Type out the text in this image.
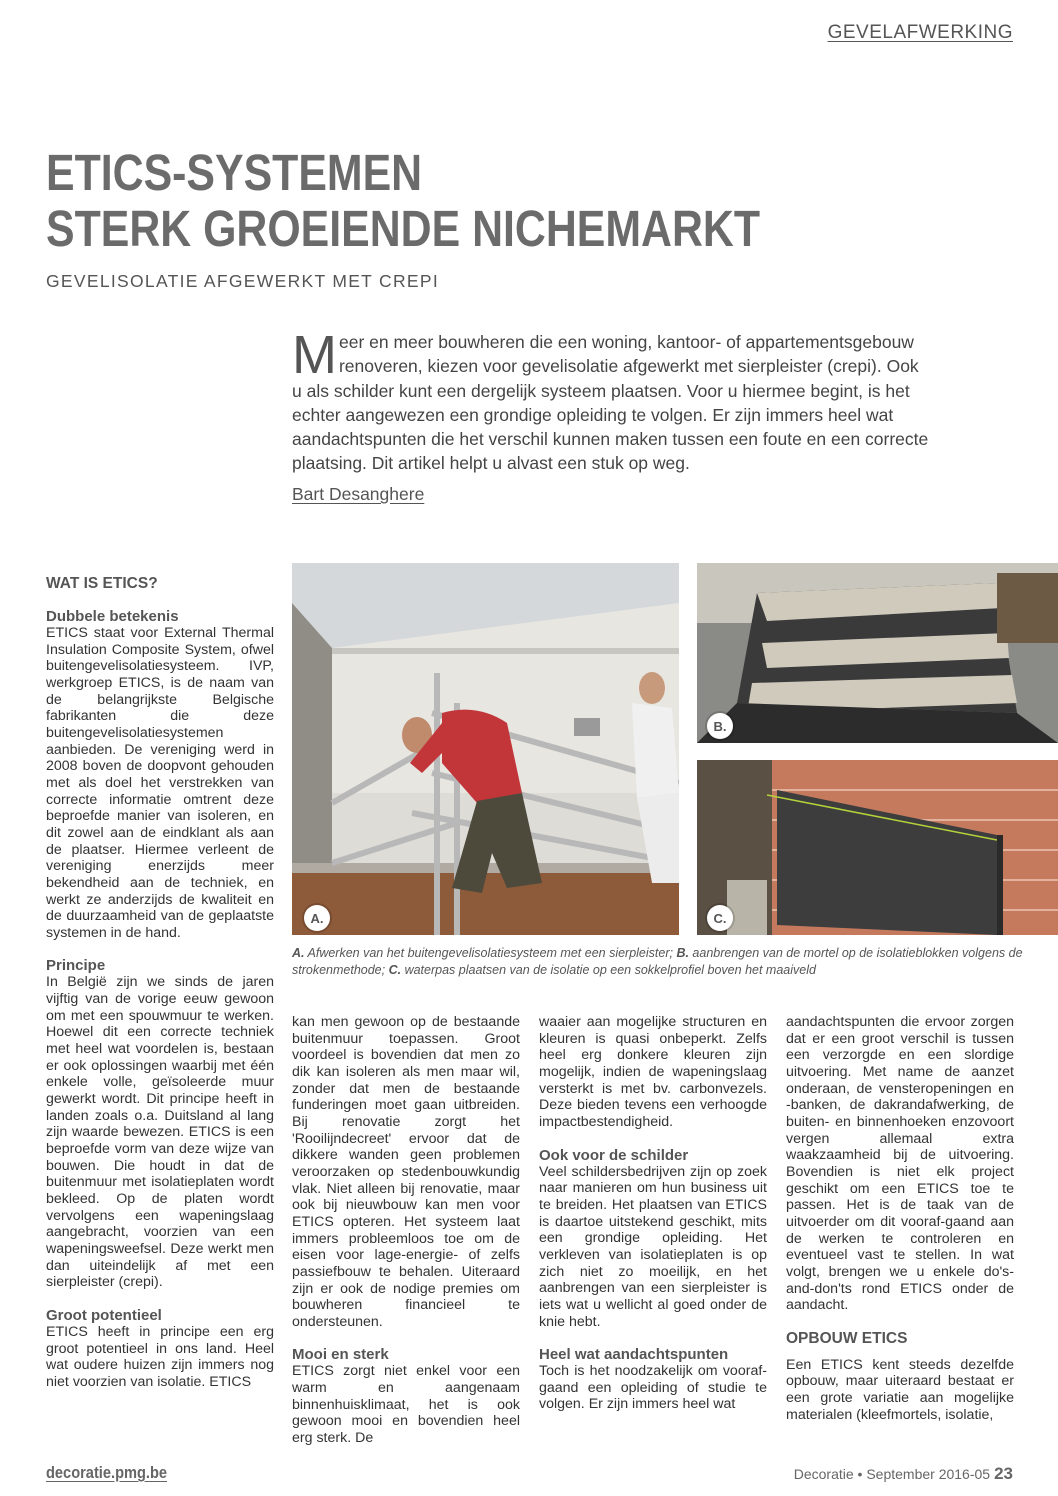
GEVELAFWERKING
ETICS-SYSTEMEN
STERK GROEIENDE NICHEMARKT
GEVELISOLATIE AFGEWERKT MET CREPI
Meer en meer bouwheren die een woning, kantoor- of appartementsgebouw renoveren, kiezen voor gevelisolatie afgewerkt met sierpleister (crepi). Ook u als schilder kunt een dergelijk systeem plaatsen. Voor u hiermee begint, is het echter aangewezen een grondige opleiding te volgen. Er zijn immers heel wat aandachtspunten die het verschil kunnen maken tussen een foute en een correcte plaatsing. Dit artikel helpt u alvast een stuk op weg.
Bart Desanghere
WAT IS ETICS?
Dubbele betekenis

ETICS staat voor External Thermal Insulation Composite System, ofwel buitengevelisolatiesysteem. IVP, werkgroep ETICS, is de naam van de belangrijkste Belgische fabrikanten die deze buitengevelisolatiesystemen aanbieden. De vereniging werd in 2008 boven de doopvont gehouden met als doel het verstrekken van correcte informatie omtrent deze beproefde manier van isoleren, en dit zowel aan de eindklant als aan de plaatser. Hiermee verleent de vereniging enerzijds meer bekendheid aan de techniek, en werkt ze anderzijds de kwaliteit en de duurzaamheid van de geplaatste systemen in de hand.

Principe

In België zijn we sinds de jaren vijftig van de vorige eeuw gewoon om met een spouwmuur te werken. Hoewel dit een correcte techniek met heel wat voordelen is, bestaan er ook oplossingen waarbij met één enkele volle, geïsoleerde muur gewerkt wordt. Dit principe heeft in landen zoals o.a. Duitsland al lang zijn waarde bewezen. ETICS is een beproefde vorm van deze wijze van bouwen. Die houdt in dat de buitenmuur met isolatieplaten wordt bekleed. Op de platen wordt vervolgens een wapeningslaag aangebracht, voorzien van een wapeningsweefsel. Deze werkt men dan uiteindelijk af met een sierpleister (crepi).

Groot potentieel

ETICS heeft in principe een erg groot potentieel in ons land. Heel wat oudere huizen zijn immers nog niet voorzien van isolatie. ETICS

A.
B.
C.
A. Afwerken van het buitengevelisolatiesysteem met een sierpleister; B. aanbrengen van de mortel op de isolatieblokken volgens de strokenmethode; C. waterpas plaatsen van de isolatie op een sokkelprofiel boven het maaiveld

kan men gewoon op de bestaande buitenmuur toepassen. Groot voordeel is bovendien dat men zo dik kan isoleren als men maar wil, zonder dat men de bestaande funderingen moet gaan uitbreiden. Bij renovatie zorgt het 'Rooilijndecreet' ervoor dat de dikkere wanden geen problemen veroorzaken op stedenbouwkundig vlak. Niet alleen bij renovatie, maar ook bij nieuwbouw kan men voor ETICS opteren. Het systeem laat immers probleemloos toe om de eisen voor lage-energie- of zelfs passiefbouw te behalen. Uiteraard zijn er ook de nodige premies om bouwheren financieel te ondersteunen.

Mooi en sterk

ETICS zorgt niet enkel voor een warm en aangenaam binnenhuisklimaat, het is ook gewoon mooi en bovendien heel erg sterk. De

waaier aan mogelijke structuren en kleuren is quasi onbeperkt. Zelfs heel erg donkere kleuren zijn mogelijk, indien de wapeningslaag versterkt is met bv. carbonvezels. Deze bieden tevens een verhoogde impactbestendigheid.

Ook voor de schilder

Veel schildersbedrijven zijn op zoek naar manieren om hun business uit te breiden. Het plaatsen van ETICS is daartoe uitstekend geschikt, mits een grondige opleiding. Het verkleven van isolatieplaten is op zich niet zo moeilijk, en het aanbrengen van een sierpleister is iets wat u wellicht al goed onder de knie hebt.

Heel wat aandachtspunten

Toch is het noodzakelijk om vooraf-gaand een opleiding of studie te volgen. Er zijn immers heel wat

aandachtspunten die ervoor zorgen dat er een groot verschil is tussen een verzorgde en een slordige uitvoering. Met name de aanzet onderaan, de vensteropeningen en -banken, de dakrandafwerking, de buiten- en binnenhoeken enzovoort vergen allemaal extra waakzaamheid bij de uitvoering. Bovendien is niet elk project geschikt om een ETICS toe te passen. Het is de taak van de uitvoerder om dit vooraf-gaand aan de werken te controleren en eventueel vast te stellen. In wat volgt, brengen we u enkele do's-and-don'ts rond ETICS onder de aandacht.

OPBOUW ETICS

Een ETICS kent steeds dezelfde opbouw, maar uiteraard bestaat er een grote variatie aan mogelijke materialen (kleefmortels, isolatie,

decoratie.pmg.be	Decoratie • September 2016-05 23
